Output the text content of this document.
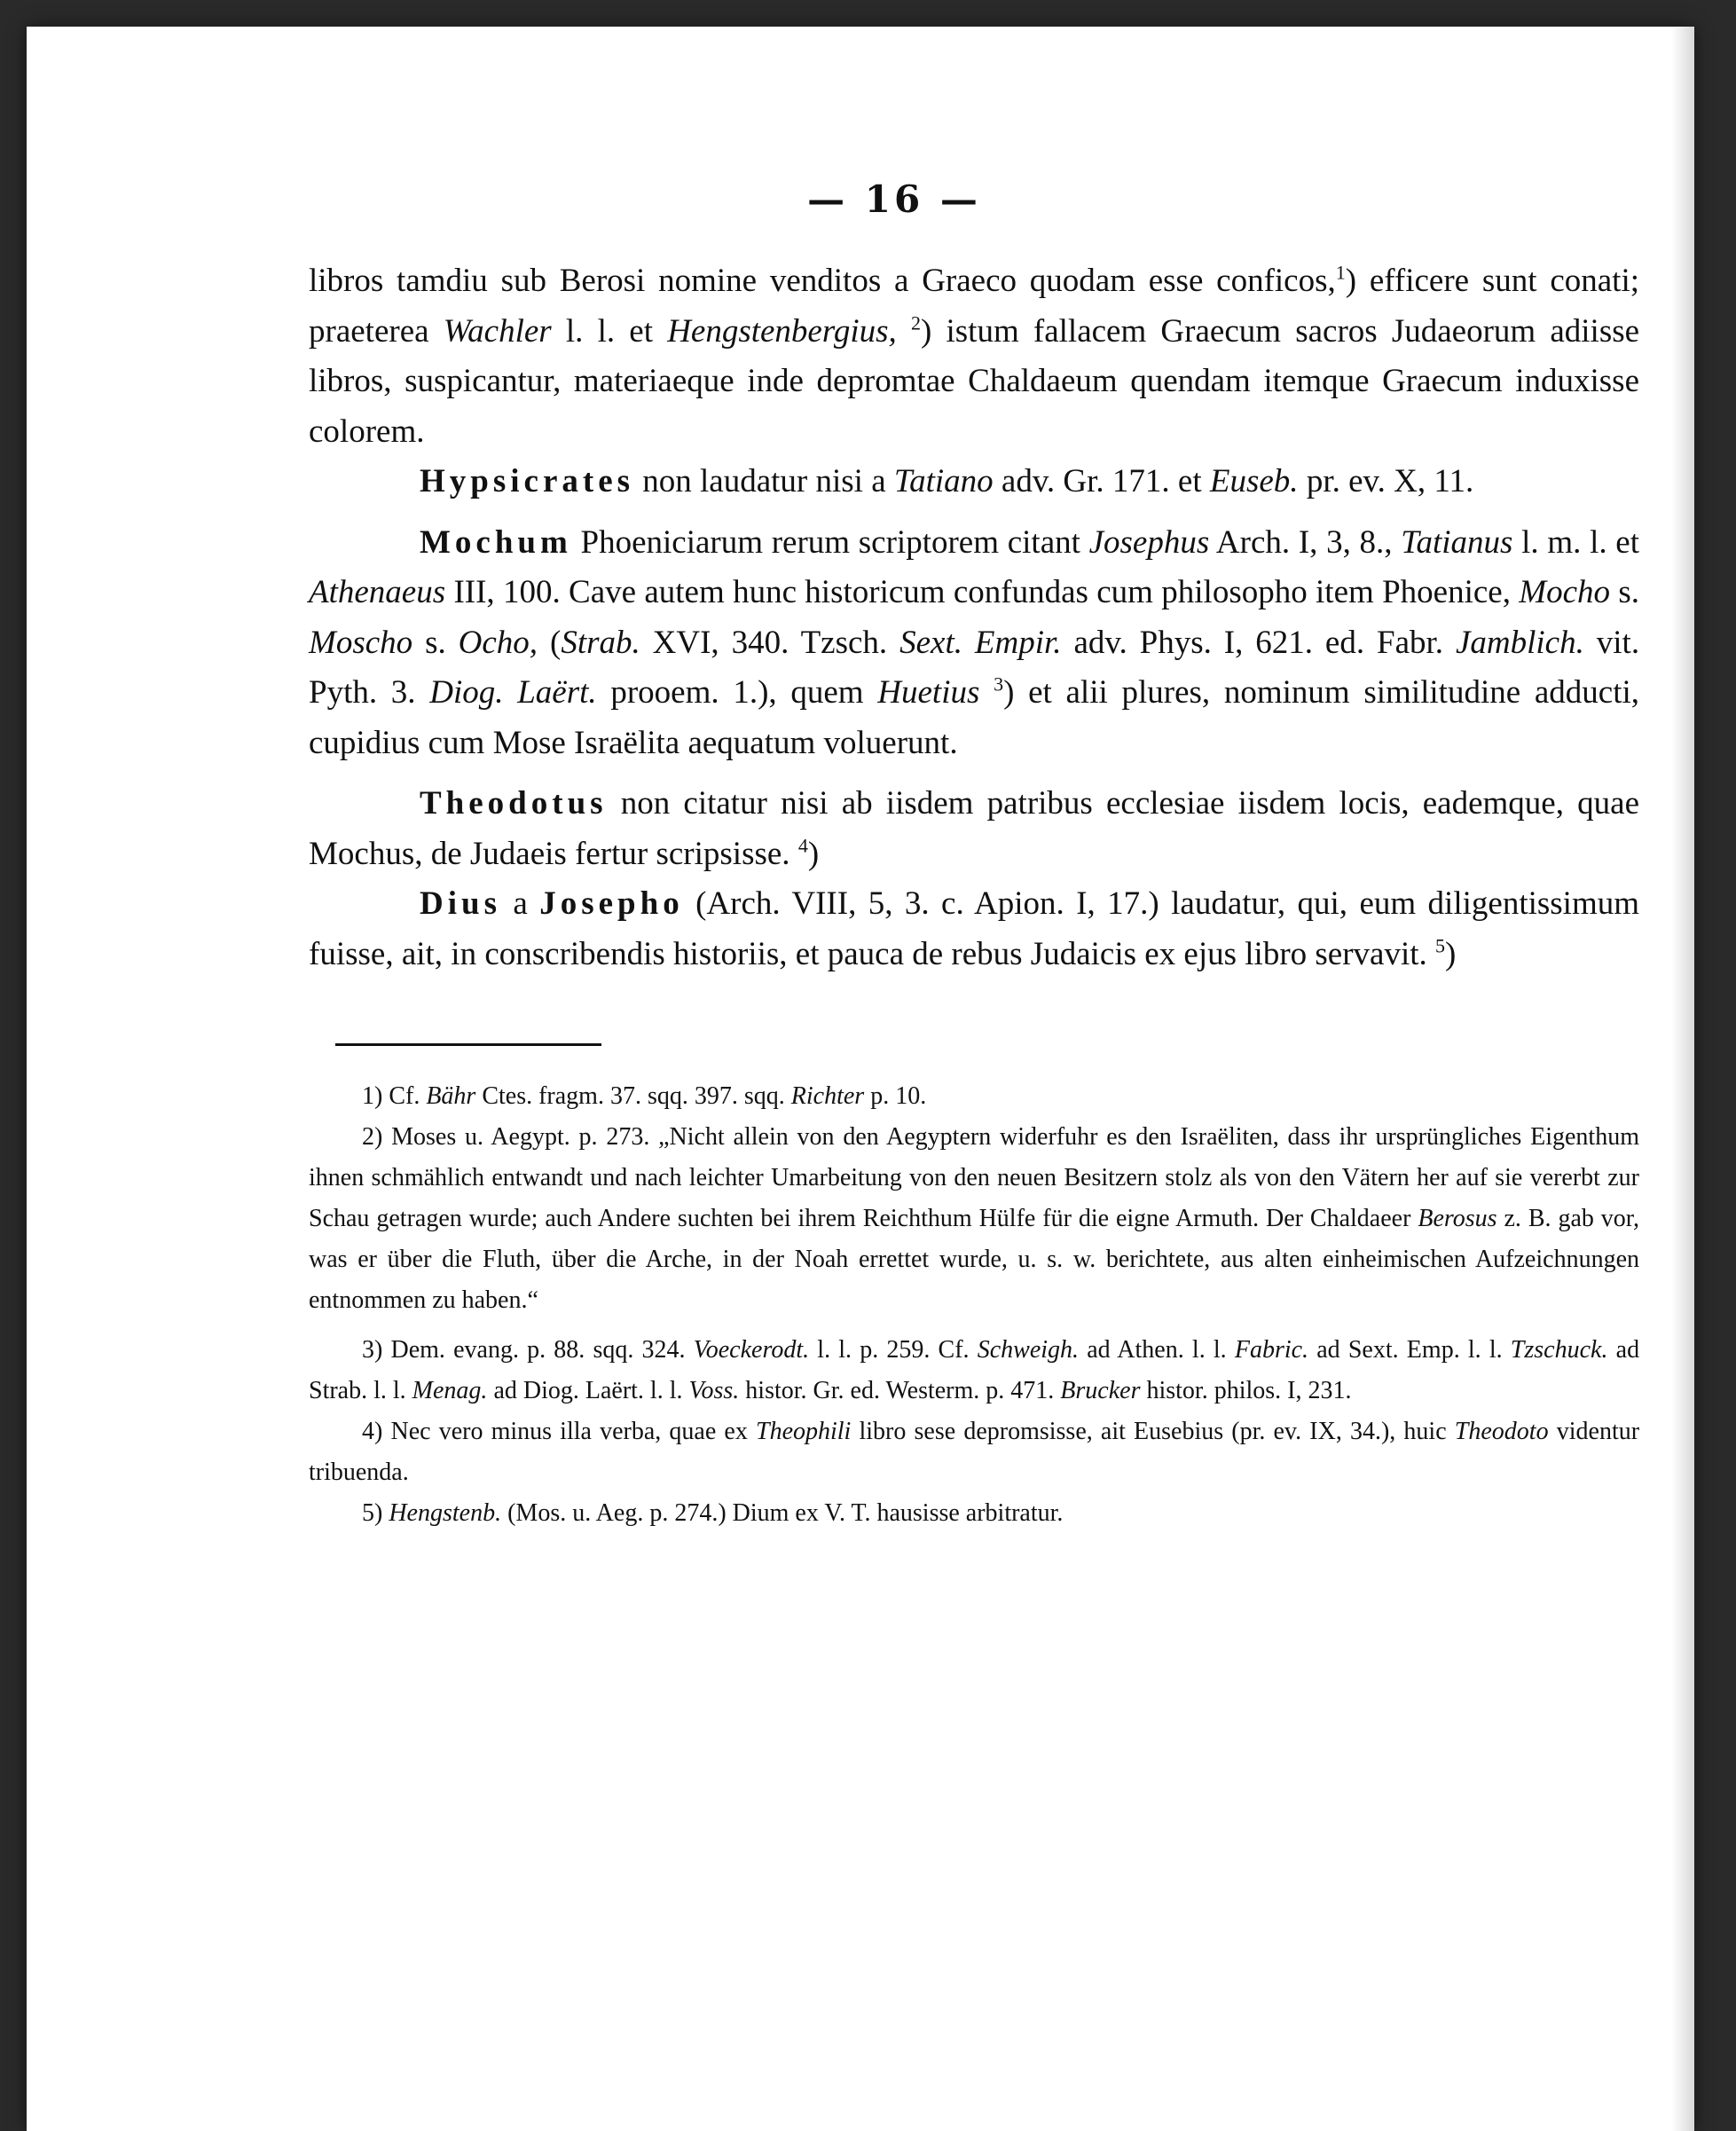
— 16 —

libros tamdiu sub Berosi nomine venditos a Graeco quodam esse conficos,$^1$) efficere sunt conati; praeterea Wachler l. l. et Hengstenbergius, $^2$) istum fallacem Graecum sacros Judaeorum adiisse libros, suspicantur, materiaeque inde depromtae Chaldaeum quendam itemque Graecum induxisse colorem.

Hypsicrates non laudatur nisi a Tatiano adv. Gr. 171. et Euseb. pr. ev. X, 11.

Mochum Phoeniciarum rerum scriptorem citant Josephus Arch. I, 3, 8., Tatianus l. m. l. et Athenaeus III, 100. Cave autem hunc historicum confundas cum philosopho item Phoenice, Mocho s. Moscho s. Ocho, (Strab. XVI, 340. Tzsch. Sext. Empir. adv. Phys. I, 621. ed. Fabr. Jamblich. vit. Pyth. 3. Diog. Laërt. prooem. 1.), quem Huetius $^3$) et alii plures, nominum similitudine adducti, cupidius cum Mose Israëlita aequatum voluerunt.

Theodotus non citatur nisi ab iisdem patribus ecclesiae iisdem locis, eademque, quae Mochus, de Judaeis fertur scripsisse. $^4$)

Dius a Josepho (Arch. VIII, 5, 3. c. Apion. I, 17.) laudatur, qui, eum diligentissimum fuisse, ait, in conscribendis historiis, et pauca de rebus Judaicis ex ejus libro servavit. $^5$)

1) Cf. Bähr Ctes. fragm. 37. sqq. 397. sqq. Richter p. 10.

2) Moses u. Aegypt. p. 273. „Nicht allein von den Aegyptern widerfuhr es den Israëliten, dass ihr ursprüngliches Eigenthum ihnen schmählich entwandt und nach leichter Umarbeitung von den neuen Besitzern stolz als von den Vätern her auf sie vererbt zur Schau getragen wurde; auch Andere suchten bei ihrem Reichthum Hülfe für die eigne Armuth. Der Chaldaeer Berosus z. B. gab vor, was er über die Fluth, über die Arche, in der Noah errettet wurde, u. s. w. berichtete, aus alten einheimischen Aufzeichnungen entnommen zu haben.“

3) Dem. evang. p. 88. sqq. 324. Voeckerodt. l. l. p. 259. Cf. Schweigh. ad Athen. l. l. Fabric. ad Sext. Emp. l. l. Tzschuck. ad Strab. l. l. Menag. ad Diog. Laërt. l. l. Voss. histor. Gr. ed. Westerm. p. 471. Brucker histor. philos. I, 231.

4) Nec vero minus illa verba, quae ex Theophili libro sese depromsisse, ait Eusebius (pr. ev. IX, 34.), huic Theodoto videntur tribuenda.

5) Hengstenb. (Mos. u. Aeg. p. 274.) Dium ex V. T. hausisse arbitratur.
